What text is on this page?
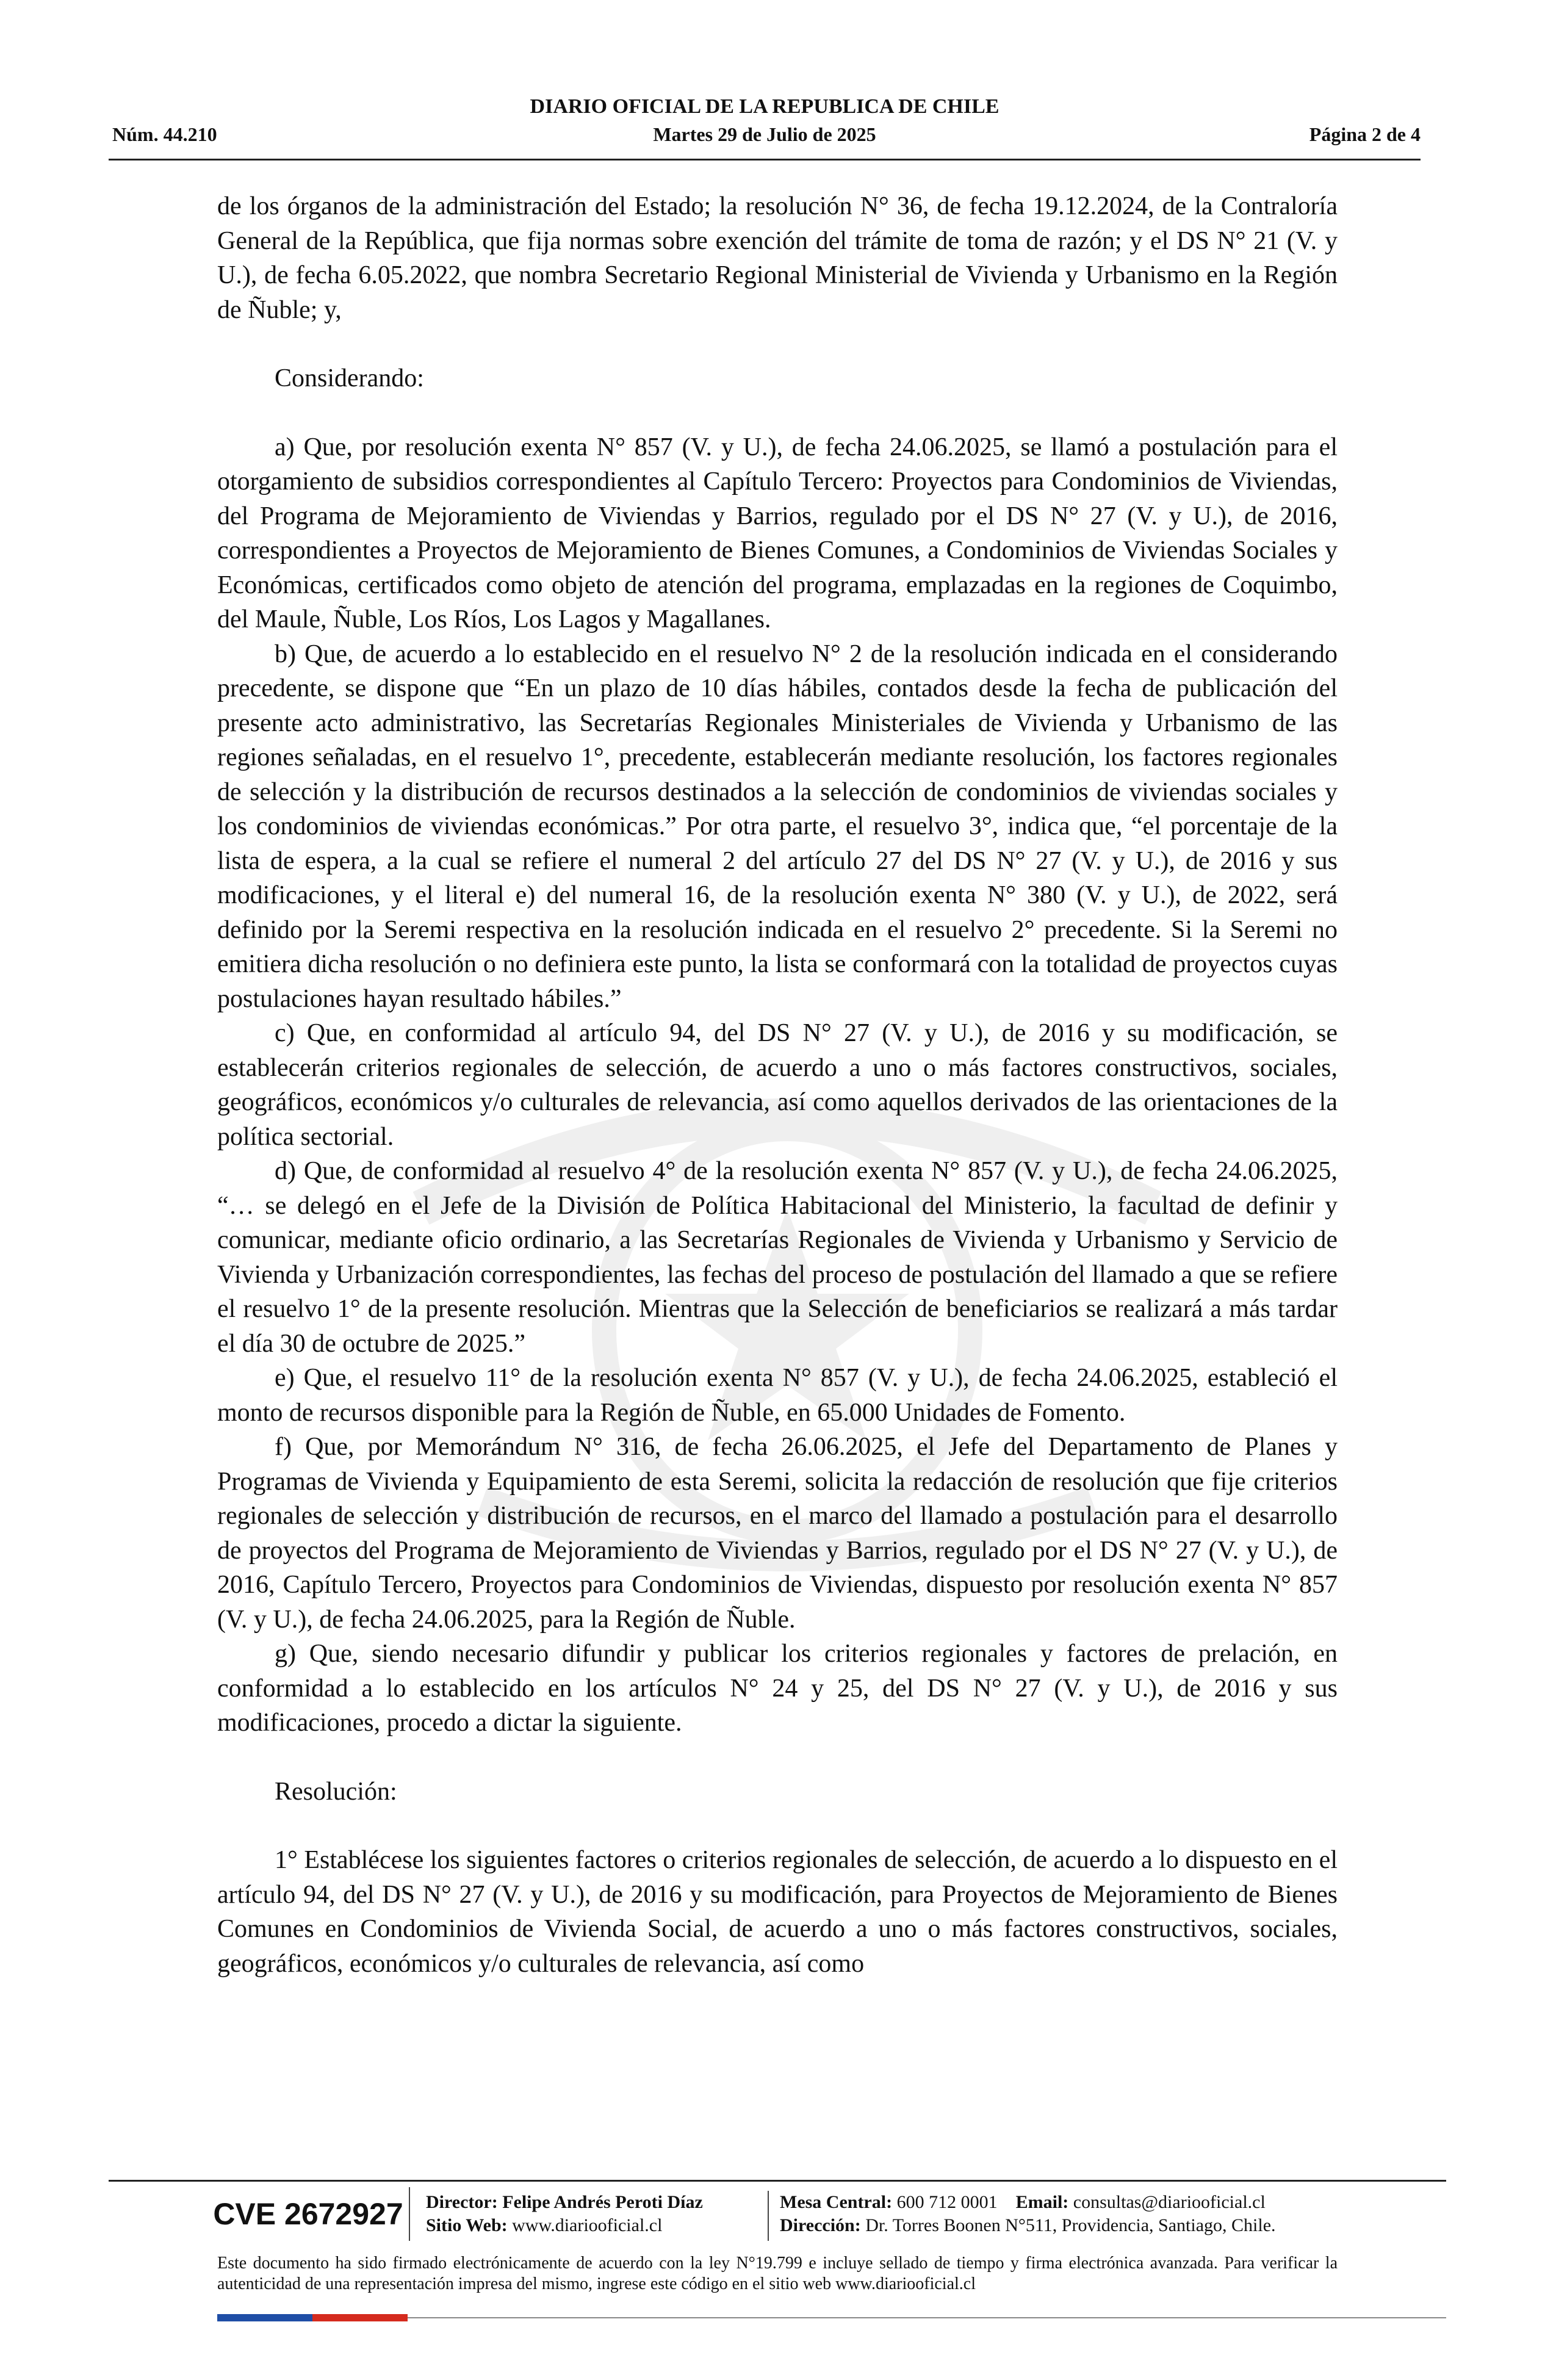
DIARIO OFICIAL DE LA REPUBLICA DE CHILE
Núm. 44.210	Martes 29 de Julio de 2025	Página 2 de 4

de los órganos de la administración del Estado; la resolución N° 36, de fecha 19.12.2024, de la Contraloría General de la República, que fija normas sobre exención del trámite de toma de razón; y el DS N° 21 (V. y U.), de fecha 6.05.2022, que nombra Secretario Regional Ministerial de Vivienda y Urbanismo en la Región de Ñuble; y,

Considerando:

a) Que, por resolución exenta N° 857 (V. y U.), de fecha 24.06.2025, se llamó a postulación para el otorgamiento de subsidios correspondientes al Capítulo Tercero: Proyectos para Condominios de Viviendas, del Programa de Mejoramiento de Viviendas y Barrios, regulado por el DS N° 27 (V. y U.), de 2016, correspondientes a Proyectos de Mejoramiento de Bienes Comunes, a Condominios de Viviendas Sociales y Económicas, certificados como objeto de atención del programa, emplazadas en la regiones de Coquimbo, del Maule, Ñuble, Los Ríos, Los Lagos y Magallanes.

b) Que, de acuerdo a lo establecido en el resuelvo N° 2 de la resolución indicada en el considerando precedente, se dispone que “En un plazo de 10 días hábiles, contados desde la fecha de publicación del presente acto administrativo, las Secretarías Regionales Ministeriales de Vivienda y Urbanismo de las regiones señaladas, en el resuelvo 1°, precedente, establecerán mediante resolución, los factores regionales de selección y la distribución de recursos destinados a la selección de condominios de viviendas sociales y los condominios de viviendas económicas.” Por otra parte, el resuelvo 3°, indica que, “el porcentaje de la lista de espera, a la cual se refiere el numeral 2 del artículo 27 del DS N° 27 (V. y U.), de 2016 y sus modificaciones, y el literal e) del numeral 16, de la resolución exenta N° 380 (V. y U.), de 2022, será definido por la Seremi respectiva en la resolución indicada en el resuelvo 2° precedente. Si la Seremi no emitiera dicha resolución o no definiera este punto, la lista se conformará con la totalidad de proyectos cuyas postulaciones hayan resultado hábiles.”

c) Que, en conformidad al artículo 94, del DS N° 27 (V. y U.), de 2016 y su modificación, se establecerán criterios regionales de selección, de acuerdo a uno o más factores constructivos, sociales, geográficos, económicos y/o culturales de relevancia, así como aquellos derivados de las orientaciones de la política sectorial.

d) Que, de conformidad al resuelvo 4° de la resolución exenta N° 857 (V. y U.), de fecha 24.06.2025, “… se delegó en el Jefe de la División de Política Habitacional del Ministerio, la facultad de definir y comunicar, mediante oficio ordinario, a las Secretarías Regionales de Vivienda y Urbanismo y Servicio de Vivienda y Urbanización correspondientes, las fechas del proceso de postulación del llamado a que se refiere el resuelvo 1° de la presente resolución. Mientras que la Selección de beneficiarios se realizará a más tardar el día 30 de octubre de 2025.”

e) Que, el resuelvo 11° de la resolución exenta N° 857 (V. y U.), de fecha 24.06.2025, estableció el monto de recursos disponible para la Región de Ñuble, en 65.000 Unidades de Fomento.

f) Que, por Memorándum N° 316, de fecha 26.06.2025, el Jefe del Departamento de Planes y Programas de Vivienda y Equipamiento de esta Seremi, solicita la redacción de resolución que fije criterios regionales de selección y distribución de recursos, en el marco del llamado a postulación para el desarrollo de proyectos del Programa de Mejoramiento de Viviendas y Barrios, regulado por el DS N° 27 (V. y U.), de 2016, Capítulo Tercero, Proyectos para Condominios de Viviendas, dispuesto por resolución exenta N° 857 (V. y U.), de fecha 24.06.2025, para la Región de Ñuble.

g) Que, siendo necesario difundir y publicar los criterios regionales y factores de prelación, en conformidad a lo establecido en los artículos N° 24 y 25, del DS N° 27 (V. y U.), de 2016 y sus modificaciones, procedo a dictar la siguiente.

Resolución:

1° Establécese los siguientes factores o criterios regionales de selección, de acuerdo a lo dispuesto en el artículo 94, del DS N° 27 (V. y U.), de 2016 y su modificación, para Proyectos de Mejoramiento de Bienes Comunes en Condominios de Vivienda Social, de acuerdo a uno o más factores constructivos, sociales, geográficos, económicos y/o culturales de relevancia, así como

CVE 2672927	Director: Felipe Andrés Peroti Díaz
Sitio Web: www.diariooficial.cl
Mesa Central: 600 712 0001 Email: consultas@diariooficial.cl
Dirección: Dr. Torres Boonen N°511, Providencia, Santiago, Chile.
Este documento ha sido firmado electrónicamente de acuerdo con la ley N°19.799 e incluye sellado de tiempo y firma electrónica avanzada. Para verificar la autenticidad de una representación impresa del mismo, ingrese este código en el sitio web www.diariooficial.cl
